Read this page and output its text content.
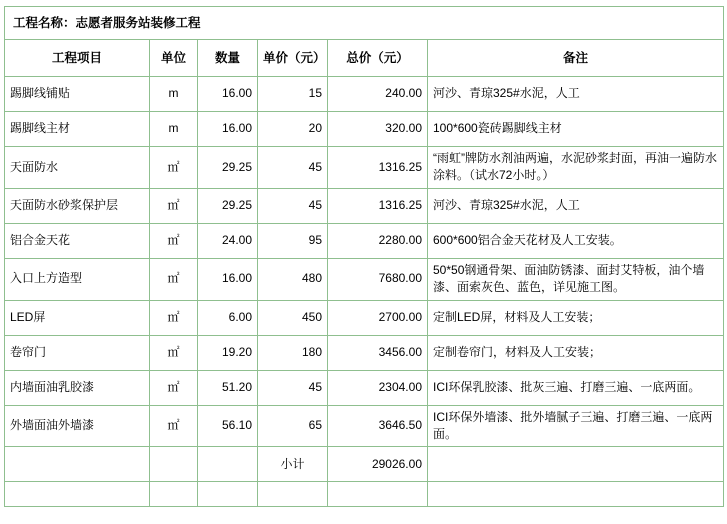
工程名称：志愿者服务站装修工程					
工程项目	单位	数量	单价（元）	总价（元）	备注
踢脚线铺贴	m	16.00	15	240.00	河沙、青琼325#水泥，人工
踢脚线主材	m	16.00	20	320.00	100*600瓷砖踢脚线主材
天面防水	㎡	29.25	45	1316.25	“雨虹”牌防水剂油两遍，水泥砂浆封面，再油一遍防水涂料。（试水72小时。）
天面防水砂浆保护层	㎡	29.25	45	1316.25	河沙、青琼325#水泥，人工
铝合金天花	㎡	24.00	95	2280.00	600*600铝合金天花材及人工安装。
入口上方造型	㎡	16.00	480	7680.00	50*50钢通骨架、面油防锈漆、面封艾特板，油个墙漆、面索灰色、蓝色，详见施工图。
LED屏	㎡	6.00	450	2700.00	定制LED屏，材料及人工安装；
卷帘门	㎡	19.20	180	3456.00	定制卷帘门，材料及人工安装；
内墙面油乳胶漆	㎡	51.20	45	2304.00	ICI环保乳胶漆、批灰三遍、打磨三遍、一底两面。
外墙面油外墙漆	㎡	56.10	65	3646.50	ICI环保外墙漆、批外墙腻子三遍、打磨三遍、一底两面。
			小计	29026.00	
